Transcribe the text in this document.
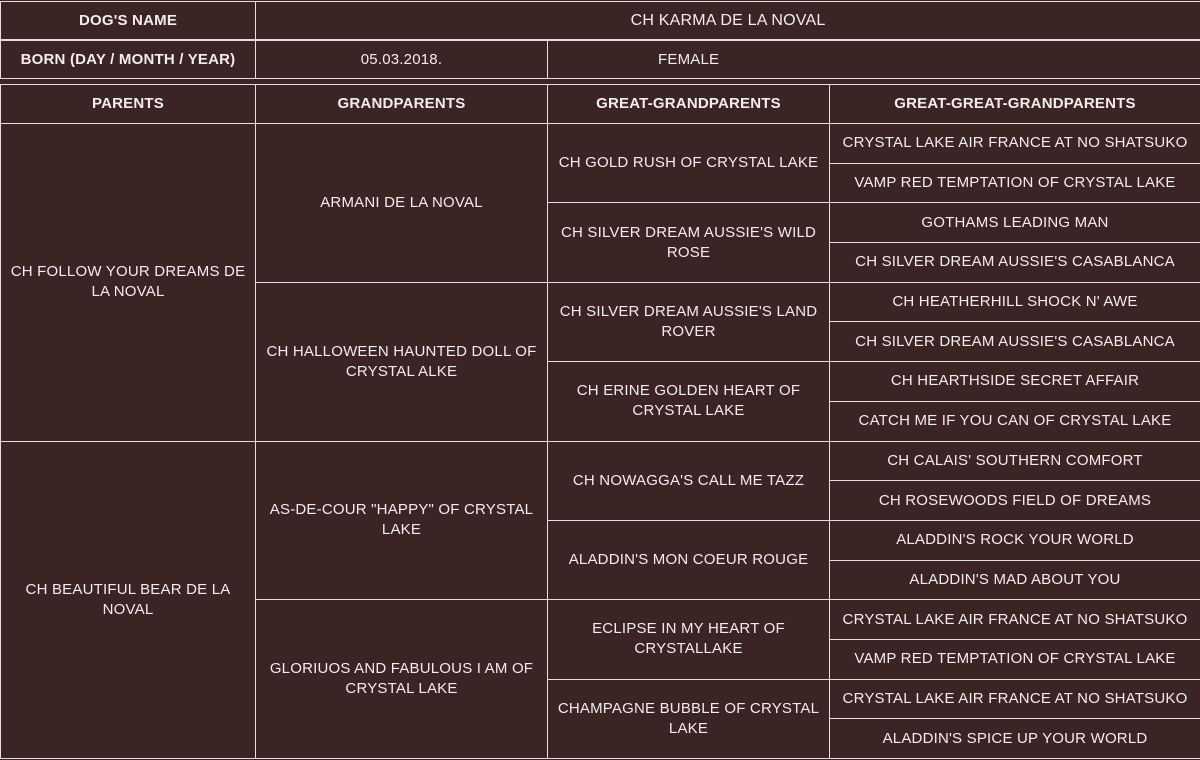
DOG'S NAME	CH KARMA DE LA NOVAL
BORN (DAY / MONTH / YEAR)	05.03.2018.	FEMALE
PARENTS	GRANDPARENTS	GREAT-GRANDPARENTS	GREAT-GREAT-GRANDPARENTS
CH FOLLOW YOUR DREAMS DE LA NOVAL	ARMANI DE LA NOVAL	CH GOLD RUSH OF CRYSTAL LAKE	CRYSTAL LAKE AIR FRANCE AT NO SHATSUKO
			VAMP RED TEMPTATION OF CRYSTAL LAKE
		CH SILVER DREAM AUSSIE'S WILD ROSE	GOTHAMS LEADING MAN
			CH SILVER DREAM AUSSIE'S CASABLANCA
	CH HALLOWEEN HAUNTED DOLL OF CRYSTAL ALKE	CH SILVER DREAM AUSSIE'S LAND ROVER	CH HEATHERHILL SHOCK N' AWE
			CH SILVER DREAM AUSSIE'S CASABLANCA
		CH ERINE GOLDEN HEART OF CRYSTAL LAKE	CH HEARTHSIDE SECRET AFFAIR
			CATCH ME IF YOU CAN OF CRYSTAL LAKE
CH BEAUTIFUL BEAR DE LA NOVAL	AS-DE-COUR "HAPPY" OF CRYSTAL LAKE	CH NOWAGGA'S CALL ME TAZZ	CH CALAIS' SOUTHERN COMFORT
			CH ROSEWOODS FIELD OF DREAMS
		ALADDIN'S MON COEUR ROUGE	ALADDIN'S ROCK YOUR WORLD
			ALADDIN'S MAD ABOUT YOU
	GLORIUOS AND FABULOUS I AM OF CRYSTAL LAKE	ECLIPSE IN MY HEART OF CRYSTALLAKE	CRYSTAL LAKE AIR FRANCE AT NO SHATSUKO
			VAMP RED TEMPTATION OF CRYSTAL LAKE
		CHAMPAGNE BUBBLE OF CRYSTAL LAKE	CRYSTAL LAKE AIR FRANCE AT NO SHATSUKO
			ALADDIN'S SPICE UP YOUR WORLD
